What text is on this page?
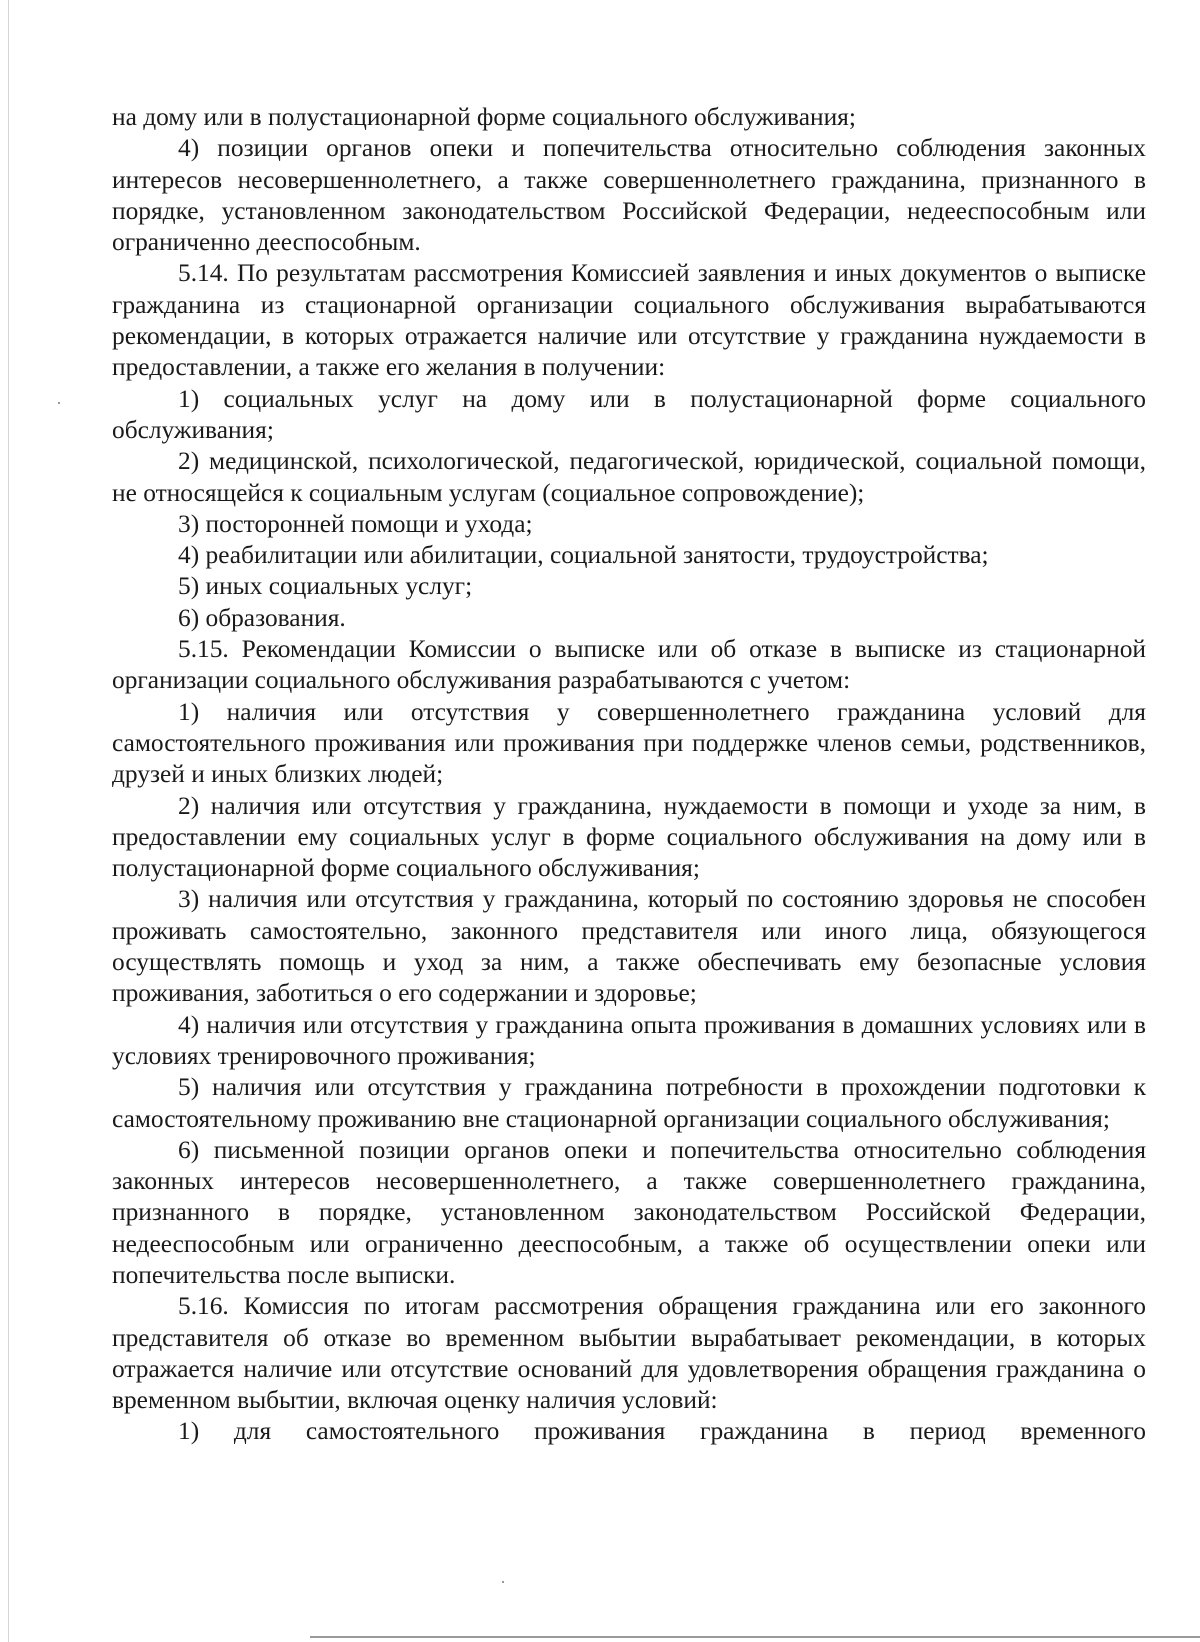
на дому или в полустационарной форме социального обслуживания;

4) позиции органов опеки и попечительства относительно соблюдения законных интересов несовершеннолетнего, а также совершеннолетнего гражданина, признанного в порядке, установленном законодательством Российской Федерации, недееспособным или ограниченно дееспособным.

5.14. По результатам рассмотрения Комиссией заявления и иных документов о выписке гражданина из стационарной организации социального обслуживания вырабатываются рекомендации, в которых отражается наличие или отсутствие у гражданина нуждаемости в предоставлении, а также его желания в получении:

1) социальных услуг на дому или в полустационарной форме социального обслуживания;

2) медицинской, психологической, педагогической, юридической, социальной помощи, не относящейся к социальным услугам (социальное сопровождение);

3) посторонней помощи и ухода;

4) реабилитации или абилитации, социальной занятости, трудоустройства;

5) иных социальных услуг;

6) образования.

5.15. Рекомендации Комиссии о выписке или об отказе в выписке из стационарной организации социального обслуживания разрабатываются с учетом:

1) наличия или отсутствия у совершеннолетнего гражданина условий для самостоятельного проживания или проживания при поддержке членов семьи, родственников, друзей и иных близких людей;

2) наличия или отсутствия у гражданина, нуждаемости в помощи и уходе за ним, в предоставлении ему социальных услуг в форме социального обслуживания на дому или в полустационарной форме социального обслуживания;

3) наличия или отсутствия у гражданина, который по состоянию здоровья не способен проживать самостоятельно, законного представителя или иного лица, обязующегося осуществлять помощь и уход за ним, а также обеспечивать ему безопасные условия проживания, заботиться о его содержании и здоровье;

4) наличия или отсутствия у гражданина опыта проживания в домашних условиях или в условиях тренировочного проживания;

5) наличия или отсутствия у гражданина потребности в прохождении подготовки к самостоятельному проживанию вне стационарной организации социального обслуживания;

6) письменной позиции органов опеки и попечительства относительно соблюдения законных интересов несовершеннолетнего, а также совершеннолетнего гражданина, признанного в порядке, установленном законодательством Российской Федерации, недееспособным или ограниченно дееспособным, а также об осуществлении опеки или попечительства после выписки.

5.16. Комиссия по итогам рассмотрения обращения гражданина или его законного представителя об отказе во временном выбытии вырабатывает рекомендации, в которых отражается наличие или отсутствие оснований для удовлетворения обращения гражданина о временном выбытии, включая оценку наличия условий:

1) для самостоятельного проживания гражданина в период временного
